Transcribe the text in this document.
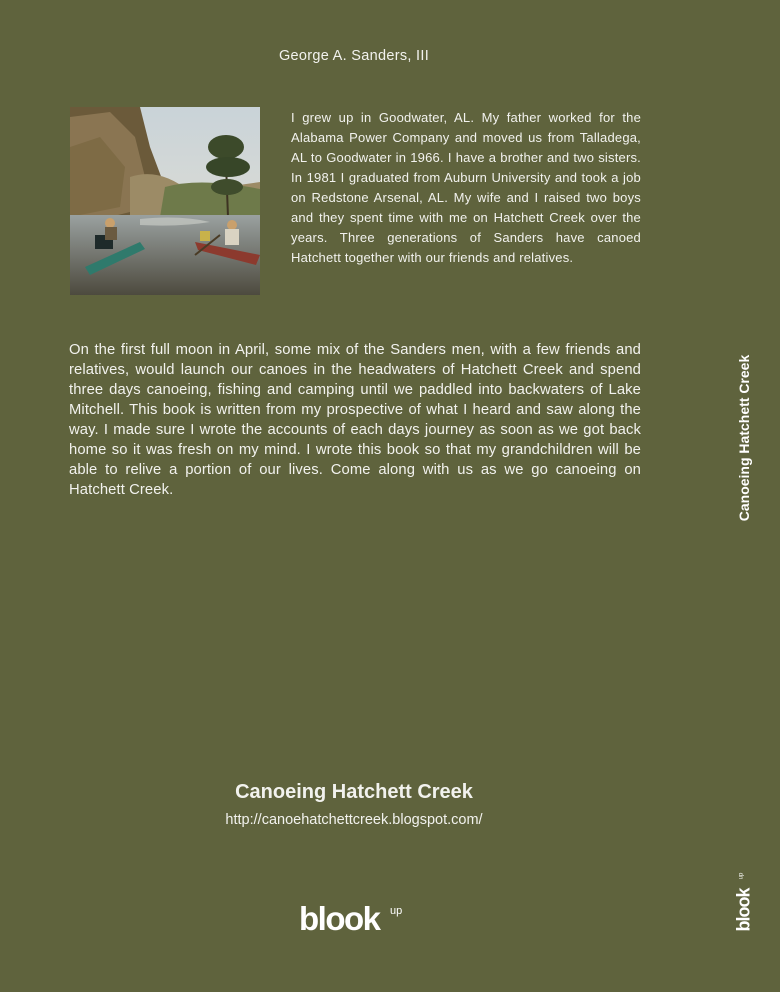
George A. Sanders, III
I grew up in Goodwater, AL. My father worked for the Alabama Power Company and moved us from Talladega, AL to Goodwater in 1966. I have a brother and two sisters. In 1981 I graduated from Auburn University and took a job on Redstone Arsenal, AL. My wife and I raised two boys and they spent time with me on Hatchett Creek over the years. Three generations of Sanders have canoed Hatchett together with our friends and relatives.
On the first full moon in April, some mix of the Sanders men, with a few friends and relatives, would launch our canoes in the headwaters of Hatchett Creek and spend three days canoeing, fishing and camping until we paddled into backwaters of Lake Mitchell. This book is written from my prospective of what I heard and saw along the way. I made sure I wrote the accounts of each days journey as soon as we got back home so it was fresh on my mind. I wrote this book so that my grandchildren will be able to relive a portion of our lives. Come along with us as we go canoeing on Hatchett Creek.
Canoeing Hatchett Creek
http://canoehatchettcreek.blogspot.com/
blook up
Canoeing Hatchett Creek
blook
up
